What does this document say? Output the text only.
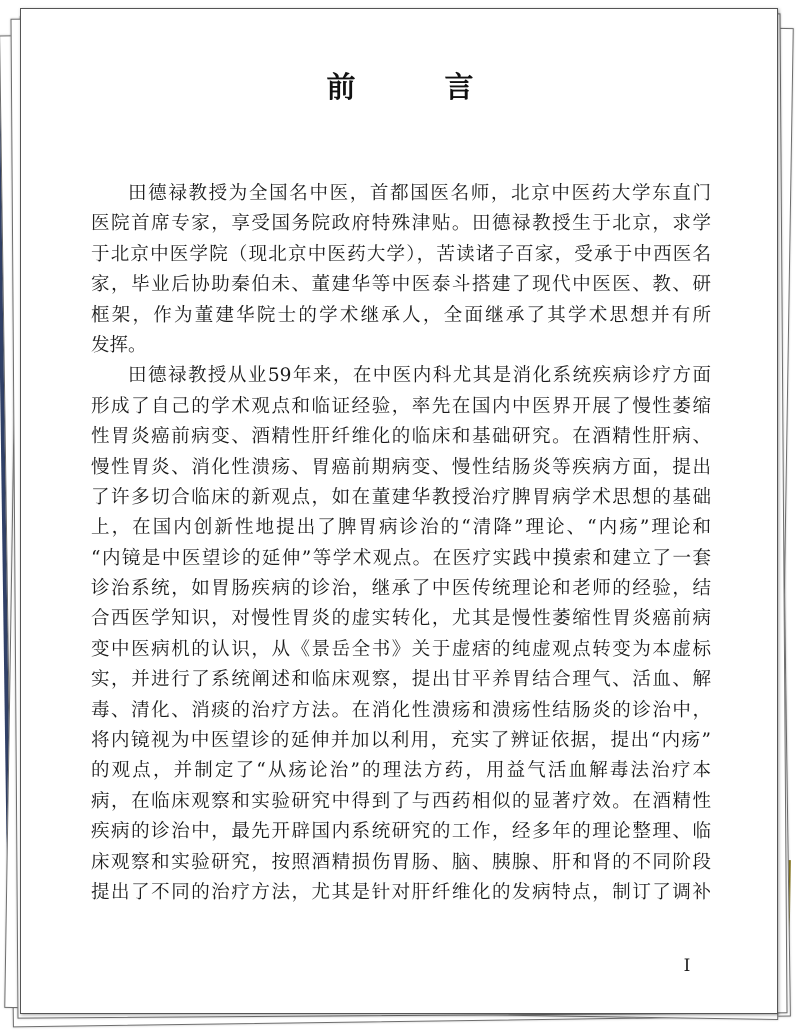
前　言
田德禄教授为全国名中医，首都国医名师，北京中医药大学东直门
医院首席专家，享受国务院政府特殊津贴。田德禄教授生于北京，求学
于北京中医学院（现北京中医药大学），苦读诸子百家，受承于中西医名
家，毕业后协助秦伯未、董建华等中医泰斗搭建了现代中医医、教、研
框架，作为董建华院士的学术继承人，全面继承了其学术思想并有所
发挥。
田德禄教授从业59年来，在中医内科尤其是消化系统疾病诊疗方面
形成了自己的学术观点和临证经验，率先在国内中医界开展了慢性萎缩
性胃炎癌前病变、酒精性肝纤维化的临床和基础研究。在酒精性肝病、
慢性胃炎、消化性溃疡、胃癌前期病变、慢性结肠炎等疾病方面，提出
了许多切合临床的新观点，如在董建华教授治疗脾胃病学术思想的基础
上，在国内创新性地提出了脾胃病诊治的“清降”理论、“内疡”理论和
“内镜是中医望诊的延伸”等学术观点。在医疗实践中摸索和建立了一套
诊治系统，如胃肠疾病的诊治，继承了中医传统理论和老师的经验，结
合西医学知识，对慢性胃炎的虚实转化，尤其是慢性萎缩性胃炎癌前病
变中医病机的认识，从《景岳全书》关于虚痞的纯虚观点转变为本虚标
实，并进行了系统阐述和临床观察，提出甘平养胃结合理气、活血、解
毒、清化、消痰的治疗方法。在消化性溃疡和溃疡性结肠炎的诊治中，
将内镜视为中医望诊的延伸并加以利用，充实了辨证依据，提出“内疡”
的观点，并制定了“从疡论治”的理法方药，用益气活血解毒法治疗本
病，在临床观察和实验研究中得到了与西药相似的显著疗效。在酒精性
疾病的诊治中，最先开辟国内系统研究的工作，经多年的理论整理、临
床观察和实验研究，按照酒精损伤胃肠、脑、胰腺、肝和肾的不同阶段
提出了不同的治疗方法，尤其是针对肝纤维化的发病特点，制订了调补
I
